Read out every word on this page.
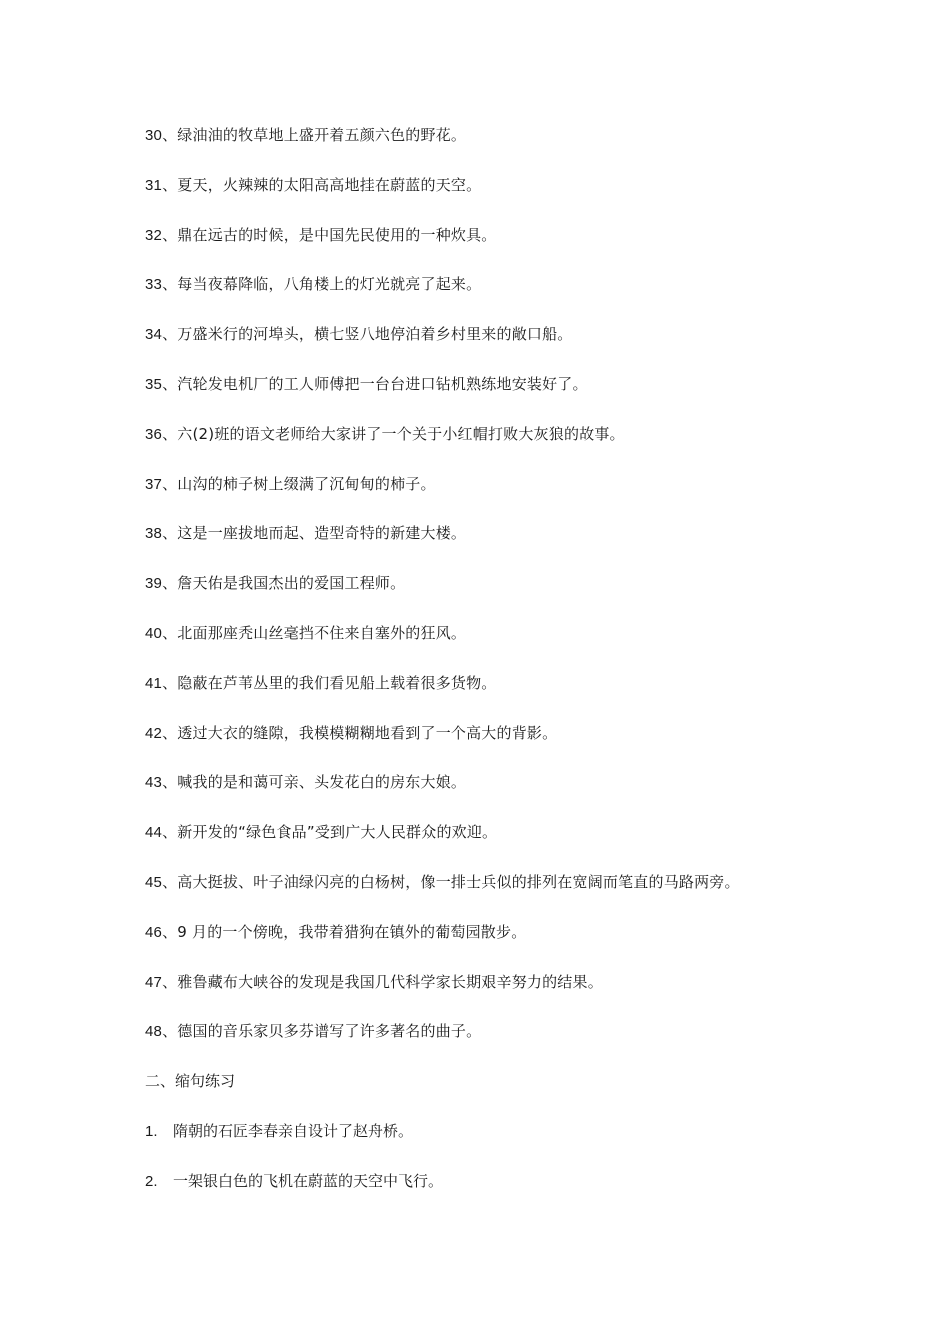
30、绿油油的牧草地上盛开着五颜六色的野花。
31、夏天，火辣辣的太阳高高地挂在蔚蓝的天空。
32、鼎在远古的时候，是中国先民使用的一种炊具。
33、每当夜幕降临，八角楼上的灯光就亮了起来。
34、万盛米行的河埠头，横七竖八地停泊着乡村里来的敞口船。
35、汽轮发电机厂的工人师傅把一台台进口钻机熟练地安装好了。
36、六(2)班的语文老师给大家讲了一个关于小红帽打败大灰狼的故事。
37、山沟的柿子树上缀满了沉甸甸的柿子。
38、这是一座拔地而起、造型奇特的新建大楼。
39、詹天佑是我国杰出的爱国工程师。
40、北面那座秃山丝毫挡不住来自塞外的狂风。
41、隐蔽在芦苇丛里的我们看见船上载着很多货物。
42、透过大衣的缝隙，我模模糊糊地看到了一个高大的背影。
43、喊我的是和蔼可亲、头发花白的房东大娘。
44、新开发的“绿色食品”受到广大人民群众的欢迎。
45、高大挺拔、叶子油绿闪亮的白杨树，像一排士兵似的排列在宽阔而笔直的马路两旁。
46、9 月的一个傍晚，我带着猎狗在镇外的葡萄园散步。
47、雅鲁藏布大峡谷的发现是我国几代科学家长期艰辛努力的结果。
48、德国的音乐家贝多芬谱写了许多著名的曲子。
二、缩句练习
1. 隋朝的石匠李春亲自设计了赵舟桥。
2. 一架银白色的飞机在蔚蓝的天空中飞行。
